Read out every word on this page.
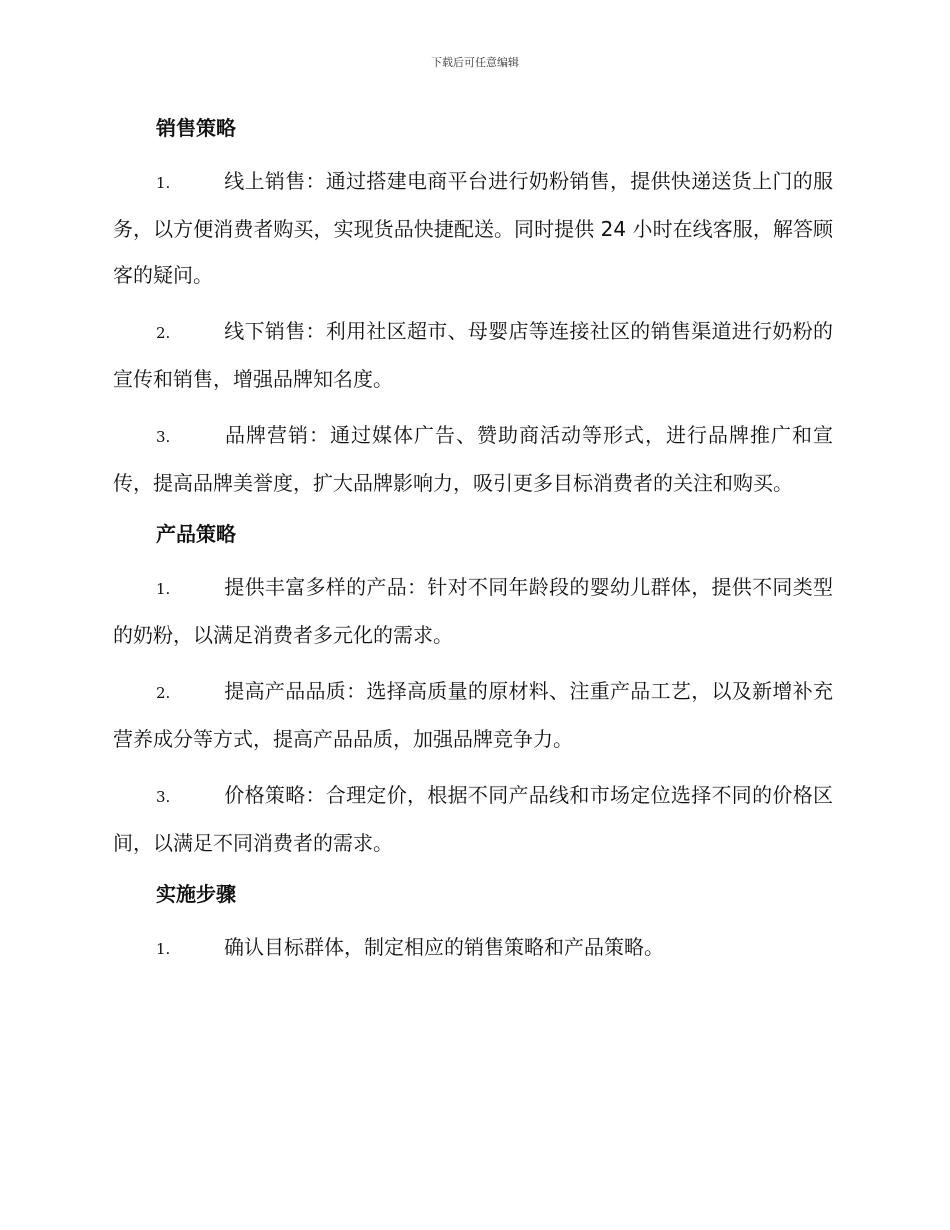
下载后可任意编辑
销售策略
1.	线上销售：通过搭建电商平台进行奶粉销售，提供快递送货上门的服务，以方便消费者购买，实现货品快捷配送。同时提供 24 小时在线客服，解答顾客的疑问。
2.	线下销售：利用社区超市、母婴店等连接社区的销售渠道进行奶粉的宣传和销售，增强品牌知名度。
3.	品牌营销：通过媒体广告、赞助商活动等形式，进行品牌推广和宣传，提高品牌美誉度，扩大品牌影响力，吸引更多目标消费者的关注和购买。
产品策略
1.	提供丰富多样的产品：针对不同年龄段的婴幼儿群体，提供不同类型的奶粉，以满足消费者多元化的需求。
2.	提高产品品质：选择高质量的原材料、注重产品工艺，以及新增补充营养成分等方式，提高产品品质，加强品牌竞争力。
3.	价格策略：合理定价，根据不同产品线和市场定位选择不同的价格区间，以满足不同消费者的需求。
实施步骤
1.	确认目标群体，制定相应的销售策略和产品策略。
